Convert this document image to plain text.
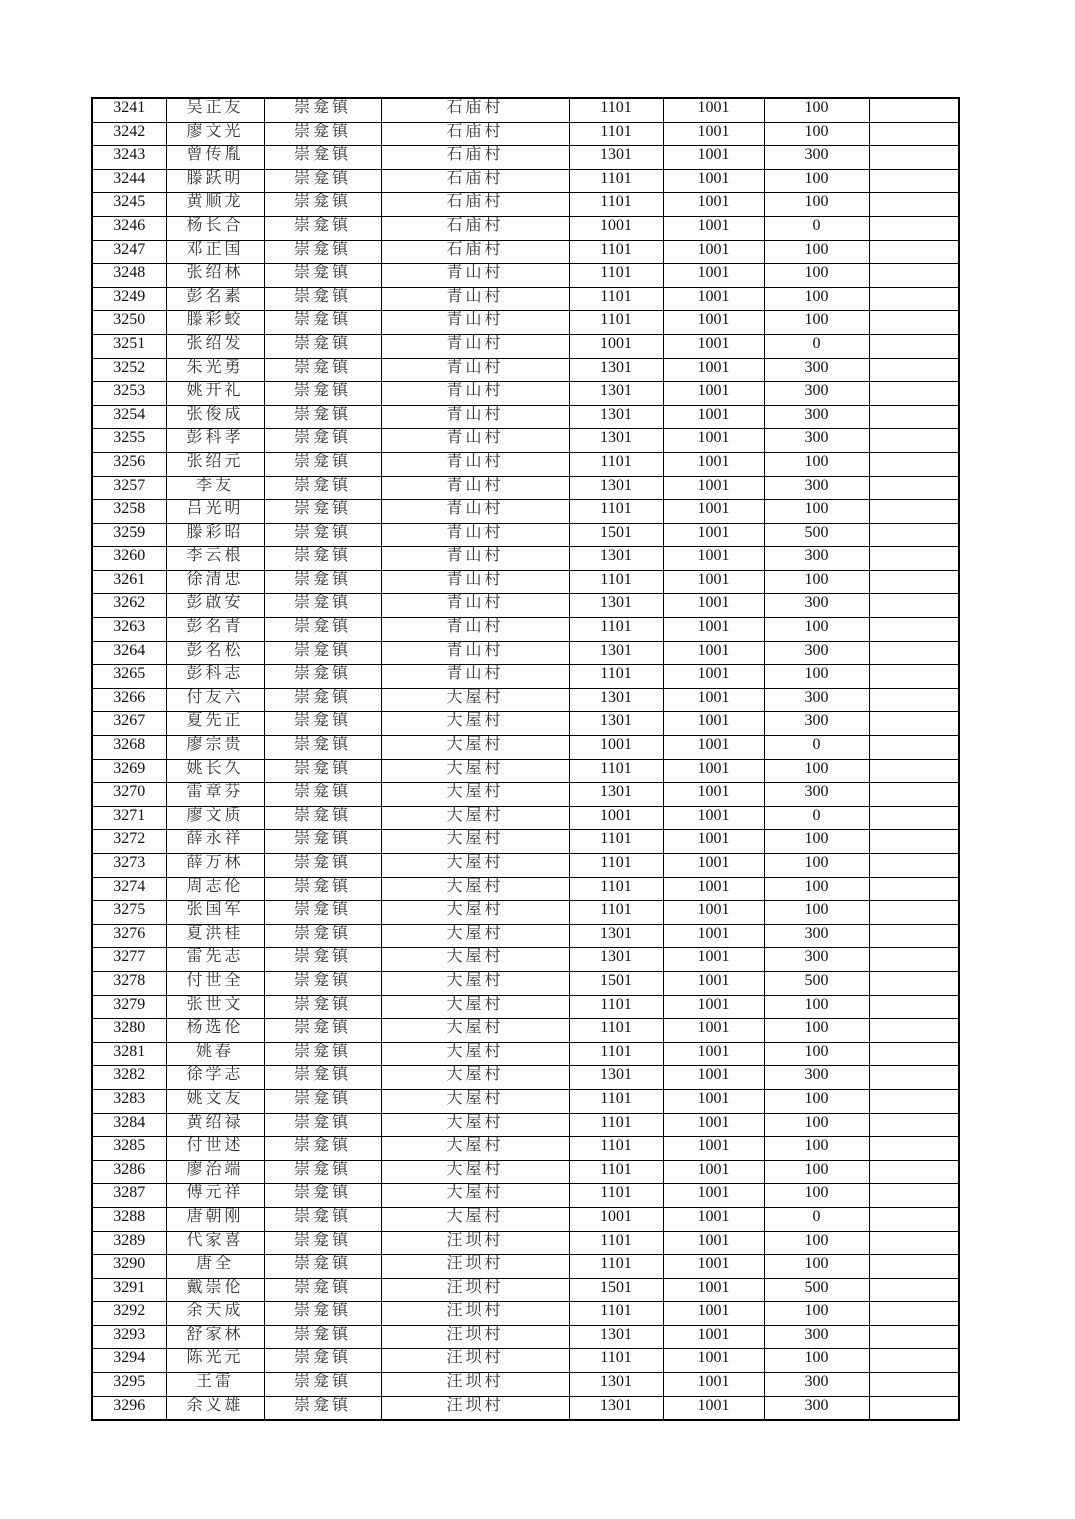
3241	吴正友	崇龛镇	石庙村	1101	1001	100	
3242	廖文光	崇龛镇	石庙村	1101	1001	100	
3243	曾传胤	崇龛镇	石庙村	1301	1001	300	
3244	滕跃明	崇龛镇	石庙村	1101	1001	100	
3245	黄顺龙	崇龛镇	石庙村	1101	1001	100	
3246	杨长合	崇龛镇	石庙村	1001	1001	0	
3247	邓正国	崇龛镇	石庙村	1101	1001	100	
3248	张绍林	崇龛镇	青山村	1101	1001	100	
3249	彭名素	崇龛镇	青山村	1101	1001	100	
3250	滕彩蛟	崇龛镇	青山村	1101	1001	100	
3251	张绍发	崇龛镇	青山村	1001	1001	0	
3252	朱光勇	崇龛镇	青山村	1301	1001	300	
3253	姚开礼	崇龛镇	青山村	1301	1001	300	
3254	张俊成	崇龛镇	青山村	1301	1001	300	
3255	彭科孝	崇龛镇	青山村	1301	1001	300	
3256	张绍元	崇龛镇	青山村	1101	1001	100	
3257	李友	崇龛镇	青山村	1301	1001	300	
3258	吕光明	崇龛镇	青山村	1101	1001	100	
3259	滕彩昭	崇龛镇	青山村	1501	1001	500	
3260	李云根	崇龛镇	青山村	1301	1001	300	
3261	徐清忠	崇龛镇	青山村	1101	1001	100	
3262	彭啟安	崇龛镇	青山村	1301	1001	300	
3263	彭名青	崇龛镇	青山村	1101	1001	100	
3264	彭名松	崇龛镇	青山村	1301	1001	300	
3265	彭科志	崇龛镇	青山村	1101	1001	100	
3266	付友六	崇龛镇	大屋村	1301	1001	300	
3267	夏先正	崇龛镇	大屋村	1301	1001	300	
3268	廖宗贵	崇龛镇	大屋村	1001	1001	0	
3269	姚长久	崇龛镇	大屋村	1101	1001	100	
3270	雷章芬	崇龛镇	大屋村	1301	1001	300	
3271	廖文质	崇龛镇	大屋村	1001	1001	0	
3272	薛永祥	崇龛镇	大屋村	1101	1001	100	
3273	薛万林	崇龛镇	大屋村	1101	1001	100	
3274	周志伦	崇龛镇	大屋村	1101	1001	100	
3275	张国军	崇龛镇	大屋村	1101	1001	100	
3276	夏洪桂	崇龛镇	大屋村	1301	1001	300	
3277	雷先志	崇龛镇	大屋村	1301	1001	300	
3278	付世全	崇龛镇	大屋村	1501	1001	500	
3279	张世文	崇龛镇	大屋村	1101	1001	100	
3280	杨选伦	崇龛镇	大屋村	1101	1001	100	
3281	姚春	崇龛镇	大屋村	1101	1001	100	
3282	徐学志	崇龛镇	大屋村	1301	1001	300	
3283	姚文友	崇龛镇	大屋村	1101	1001	100	
3284	黄绍禄	崇龛镇	大屋村	1101	1001	100	
3285	付世述	崇龛镇	大屋村	1101	1001	100	
3286	廖治端	崇龛镇	大屋村	1101	1001	100	
3287	傅元祥	崇龛镇	大屋村	1101	1001	100	
3288	唐朝刚	崇龛镇	大屋村	1001	1001	0	
3289	代家喜	崇龛镇	汪坝村	1101	1001	100	
3290	唐全	崇龛镇	汪坝村	1101	1001	100	
3291	戴崇伦	崇龛镇	汪坝村	1501	1001	500	
3292	余天成	崇龛镇	汪坝村	1101	1001	100	
3293	舒家林	崇龛镇	汪坝村	1301	1001	300	
3294	陈光元	崇龛镇	汪坝村	1101	1001	100	
3295	王雷	崇龛镇	汪坝村	1301	1001	300	
3296	余义雄	崇龛镇	汪坝村	1301	1001	300	
